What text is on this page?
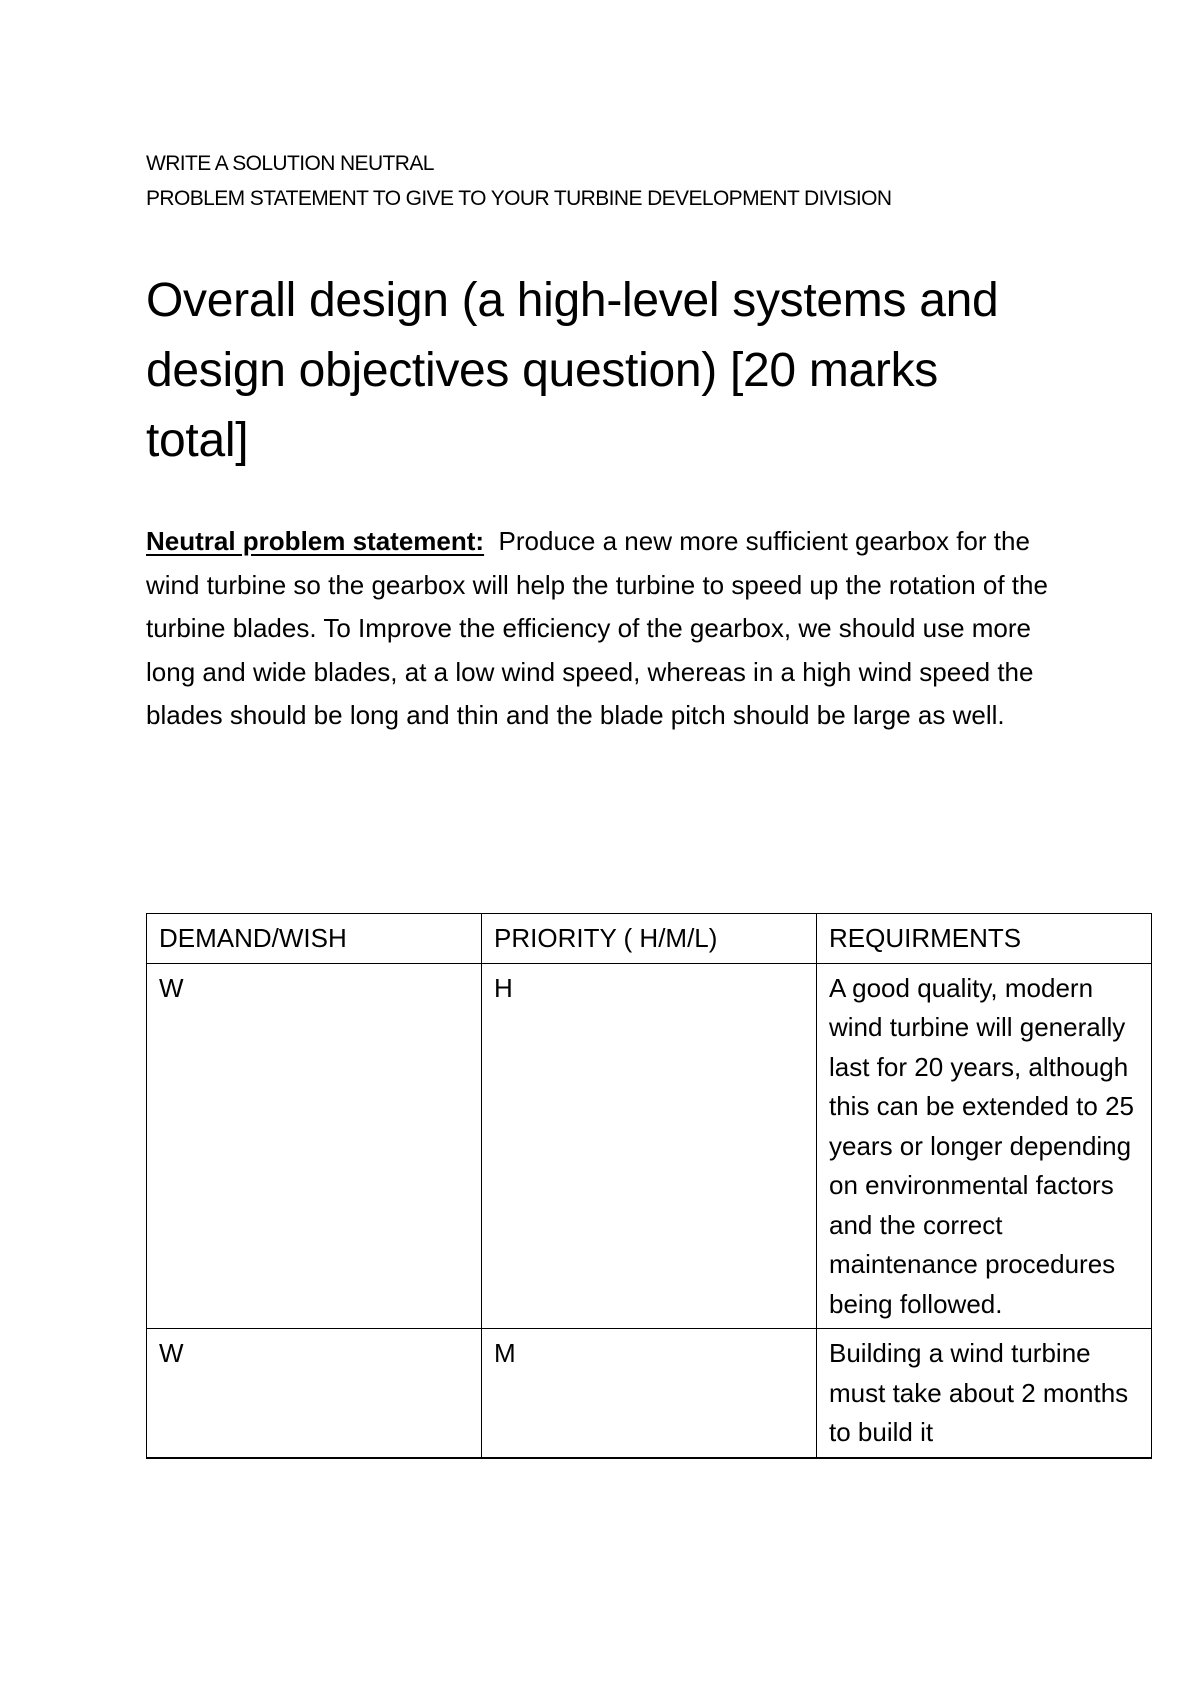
WRITE A SOLUTION NEUTRAL
PROBLEM STATEMENT TO GIVE TO YOUR TURBINE DEVELOPMENT DIVISION
Overall design (a high-level systems and design objectives question) [20 marks total]

Neutral problem statement: Produce a new more sufficient gearbox for the wind turbine so the gearbox will help the turbine to speed up the rotation of the turbine blades. To Improve the efficiency of the gearbox, we should use more long and wide blades, at a low wind speed, whereas in a high wind speed the blades should be long and thin and the blade pitch should be large as well.

DEMAND/WISH	PRIORITY ( H/M/L)	REQUIRMENTS
W	H	A good quality, modern wind turbine will generally last for 20 years, although this can be extended to 25 years or longer depending on environmental factors and the correct maintenance procedures being followed.
W	M	Building a wind turbine must take about 2 months to build it
